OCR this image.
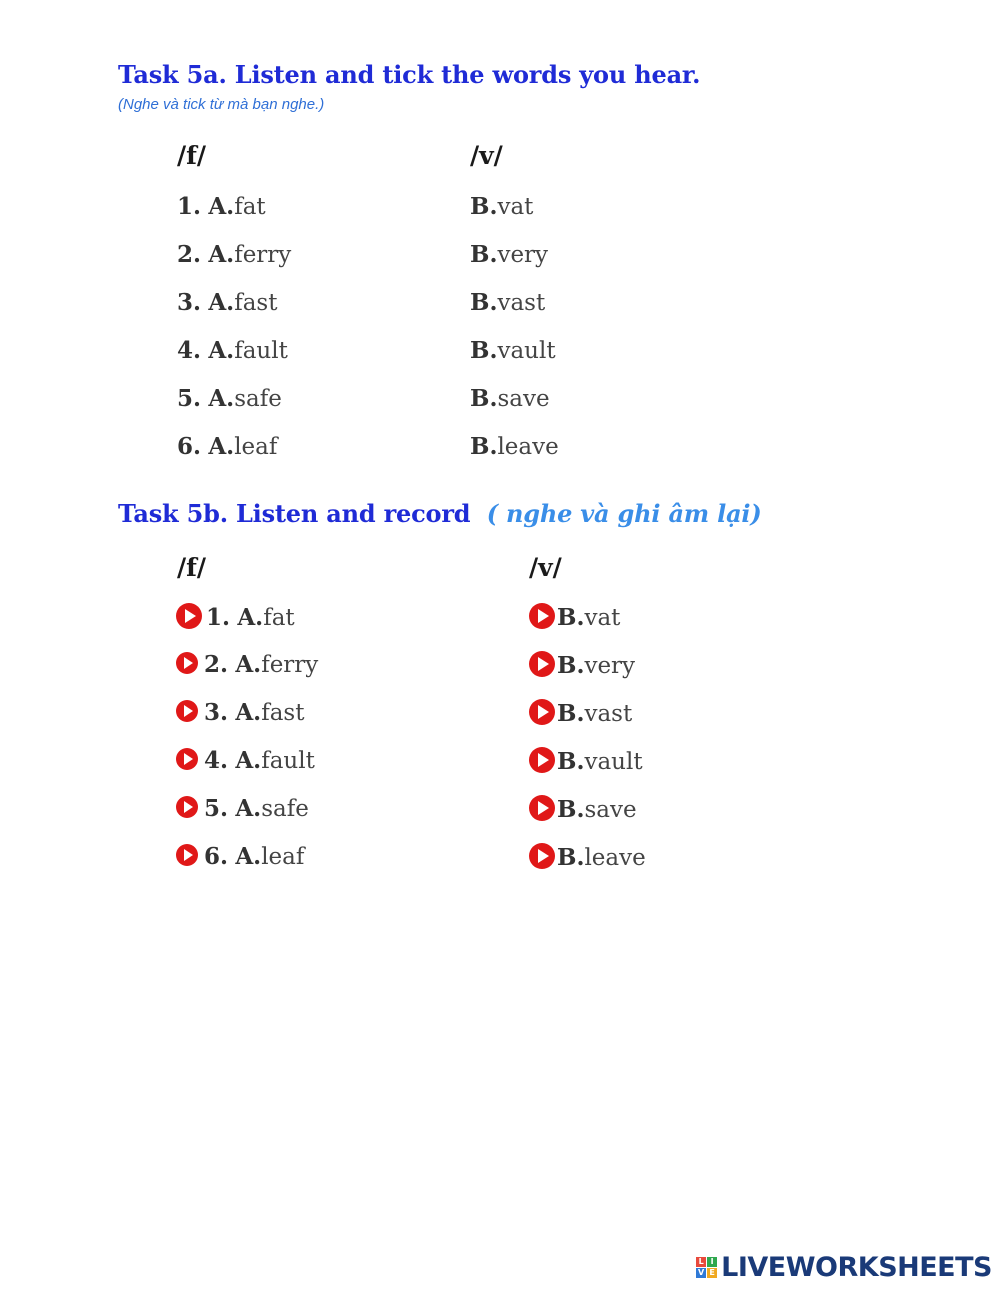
Task 5a. Listen and tick the words you hear.
(Nghe và tick từ mà bạn nghe.)
/f/	/v/
1. A.fat	B.vat
2. A.ferry	B.very
3. A.fast	B.vast
4. A.fault	B.vault
5. A.safe	B.save
6. A.leaf	B.leave
Task 5b. Listen and record ( nghe và ghi âm lại)
/f/	/v/
1. A.fat	B.vat
2. A.ferry	B.very
3. A.fast	B.vast
4. A.fault	B.vault
5. A.safe	B.save
6. A.leaf	B.leave
L I
V E LIVEWORKSHEETS
